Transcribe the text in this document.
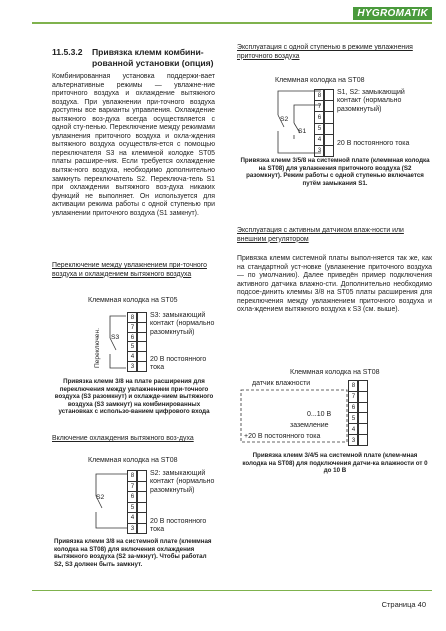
HYGROMATIK
11.5.3.2 Привязка клемм комбини-рованной установки (опция)
Комбинированная установка поддержи-вает альтернативные режимы — увлажне-ние приточного воздуха и охлаждение вытяжного воздуха. При увлажнении при-точного воздуха доступны все варианты управления. Охлаждение вытяжного воз-духа всегда осуществляется с одной сту-пенью. Переключение между режимами увлажнения приточного воздуха и охла-ждения вытяжного воздуха осуществля-ется с помощью переключателя S3 на клеммной колодке ST05 платы расшире-ния. Если требуется охлаждение вытяж-ного воздуха, необходимо дополнительно замкнуть переключатель S2. Переключа-тель S1 при охлаждении вытяжного воз-духа никаких функций не выполняет. Он используется для активации режима работы с одной ступенью при увлажнении приточного воздуха (S1 замкнут).
Переключение между увлажнением при-точного воздуха и охлаждением вытяжного воздуха
Клеммная колодка на ST05
Переключен. S3
8
7
6
5
4
3
S3: замыкающий контакт (нормально разомкнутый)
20 В постоянного тока
Привязка клемм 3/8 на плате расширения для переключения между увлажнением при-точного воздуха (S3 разомкнут) и охлажде-нием вытяжного воздуха (S3 замкнут) на комбинированных установках с использо-ванием цифрового входа
Включение охлаждения вытяжного воз-духа
Клеммная колодка на ST08
S2
8
7
6
5
4
3
S2: замыкающий контакт (нормально разомкнутый)
20 В постоянного тока
Привязка клемм 3/8 на системной плате (клеммная колодка на ST08) для включения охлаждения вытяжного воздуха (S2 за-мкнут). Чтобы работал S2, S3 должен быть замкнут.
Эксплуатация с одной ступенью в режиме увлажнения приточного воздуха
Клеммная колодка на ST08
S2
S1
8
7
6
5
4
3
S1, S2: замыкающий контакт (нормально разомкнутый)
20 В постоянного тока
Привязка клемм 3/5/8 на системной плате (клеммная колодка на ST08) для увлажнения приточного воздуха (S2 разомкнут). Режим работы с одной ступенью включается путём замыкания S1.
Эксплуатация с активным датчиком влаж-ности или внешним регулятором
Привязка клемм системной платы выпол-няется так же, как на стандартной уст-новке (увлажнение приточного воздуха — по умолчанию). Далее приведён пример подключения активного датчика влажно-сти. Дополнительно необходимо подсое-динить клеммы 3/8 на ST05 платы расширения для переключения между увлажнением приточного воздуха и охла-ждением вытяжного воздуха к S3 (см. выше).
Клеммная колодка на ST08
датчик влажности	8
7
6
5
4
3
0...10 В
заземление
+20 В постоянного тока
Привязка клемм 3/4/5 на системной плате (клем-мная колодка на ST08) для подключения датчи-ка влажности от 0 до 10 В
Страница 40
